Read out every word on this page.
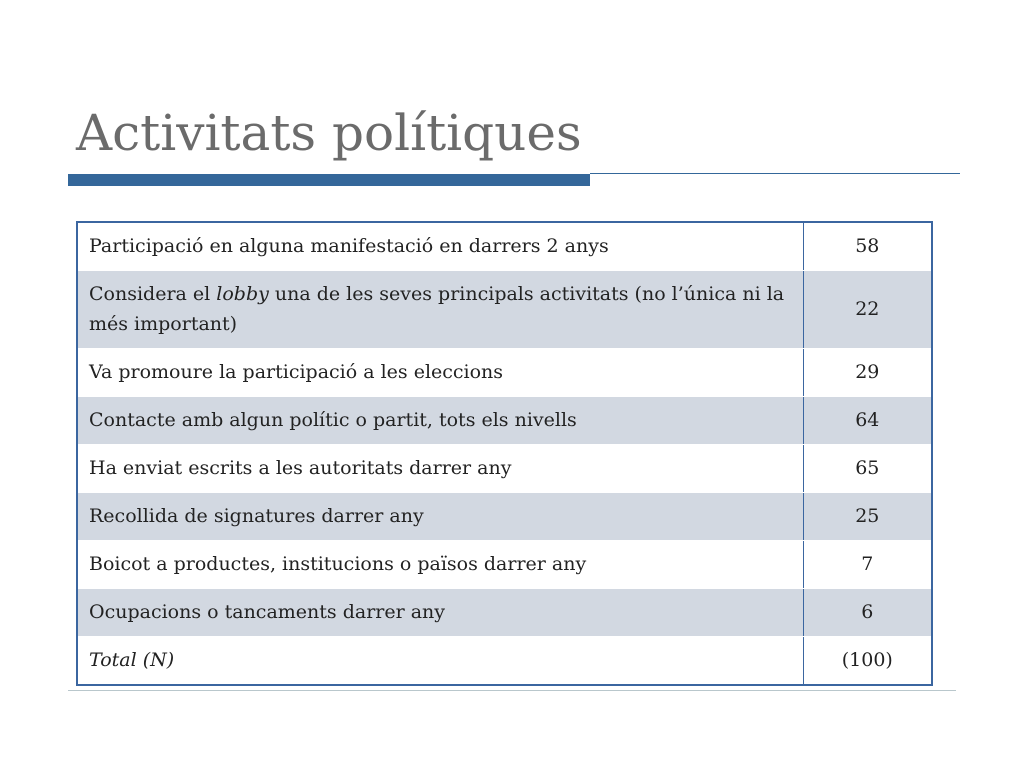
Activitats polítiques
Participació en alguna manifestació en darrers 2 anys	58
Considera el lobby una de les seves principals activitats (no l’única ni la més important)	22
Va promoure la participació a les eleccions	29
Contacte amb algun polític o partit, tots els nivells	64
Ha enviat escrits a les autoritats darrer any	65
Recollida de signatures darrer any	25
Boicot a productes, institucions o països darrer any	7
Ocupacions o tancaments darrer any	6
Total (N)	(100)
